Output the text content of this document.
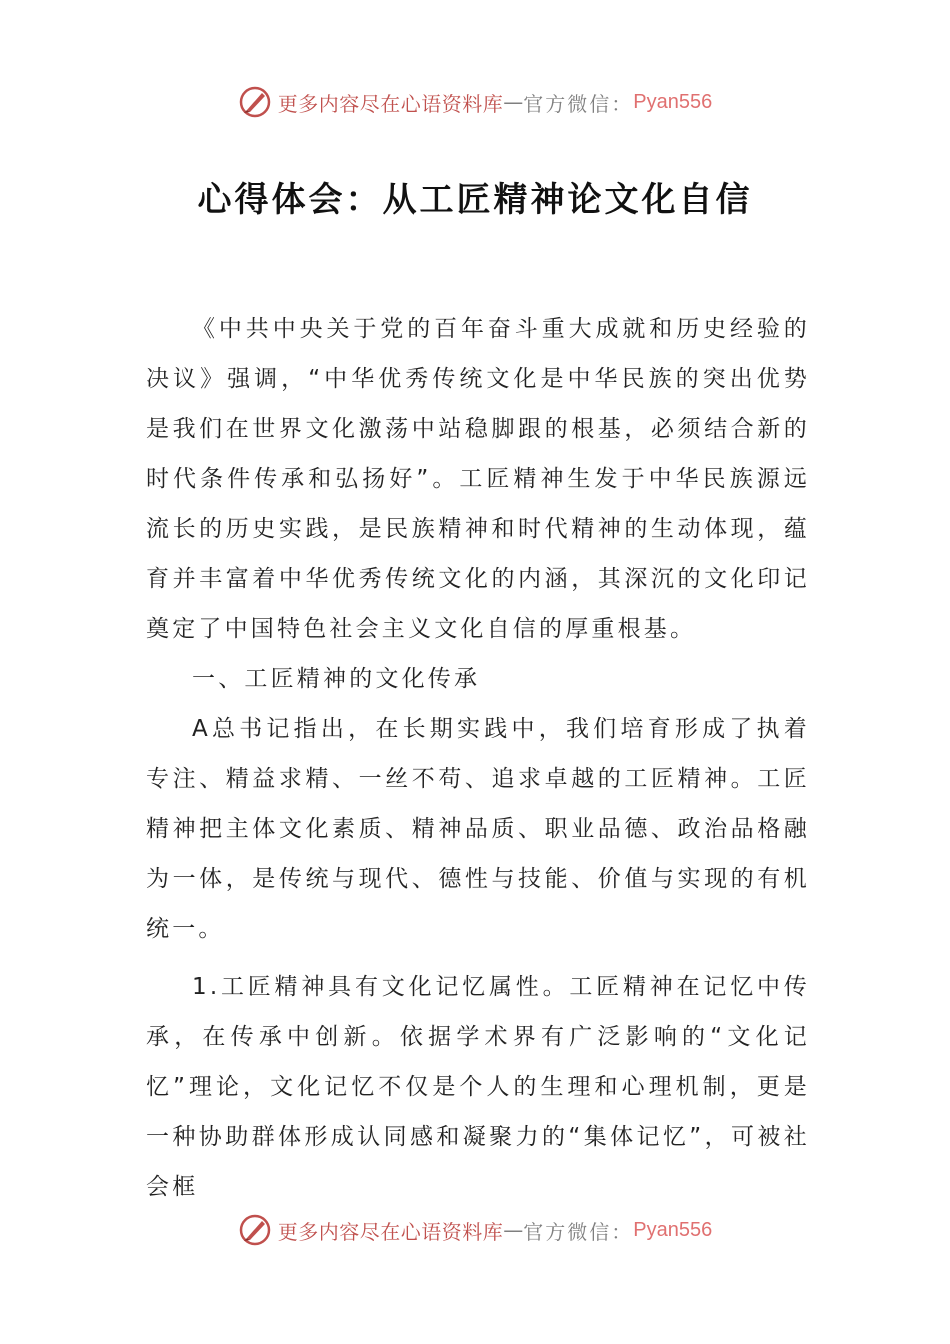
更多内容尽在心语资料库 — 官方微信： Pyan556
心得体会：从工匠精神论文化自信

《中共中央关于党的百年奋斗重大成就和历史经验的决议》强调，“中华优秀传统文化是中华民族的突出优势是我们在世界文化激荡中站稳脚跟的根基，必须结合新的时代条件传承和弘扬好”。工匠精神生发于中华民族源远流长的历史实践，是民族精神和时代精神的生动体现，蕴育并丰富着中华优秀传统文化的内涵，其深沉的文化印记奠定了中国特色社会主义文化自信的厚重根基。

一、工匠精神的文化传承

A总书记指出，在长期实践中，我们培育形成了执着专注、精益求精、一丝不苟、追求卓越的工匠精神。工匠精神把主体文化素质、精神品质、职业品德、政治品格融为一体，是传统与现代、德性与技能、价值与实现的有机统一。

1.工匠精神具有文化记忆属性。工匠精神在记忆中传承，在传承中创新。依据学术界有广泛影响的“文化记忆”理论，文化记忆不仅是个人的生理和心理机制，更是一种协助群体形成认同感和凝聚力的“集体记忆”，可被社会框

更多内容尽在心语资料库 — 官方微信： Pyan556
